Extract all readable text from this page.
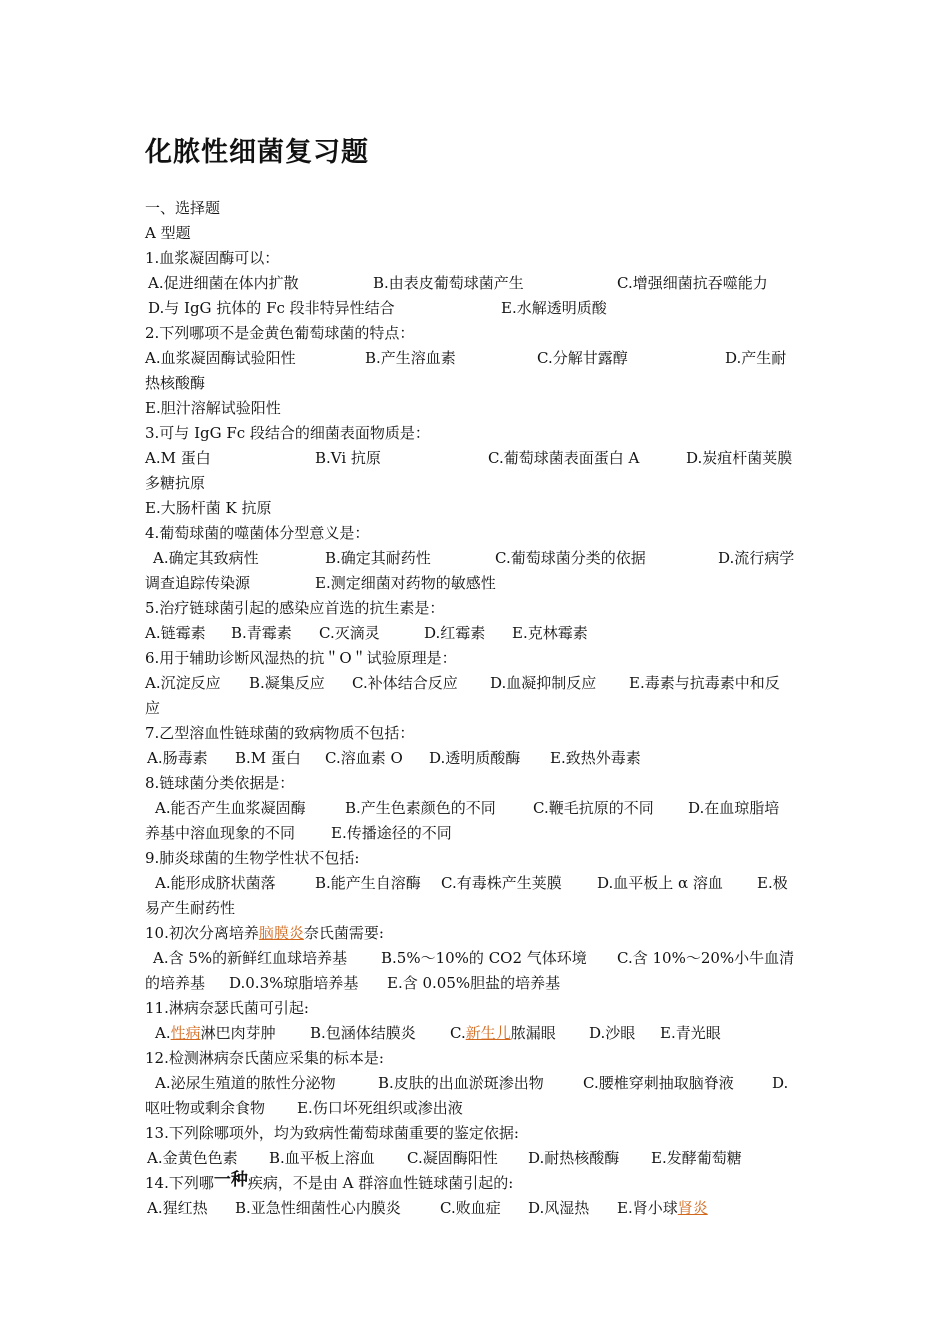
化脓性细菌复习题
一、选择题
A 型题
1.血浆凝固酶可以：
A.促进细菌在体内扩散	B.由表皮葡萄球菌产生	C.增强细菌抗吞噬能力
D.与 IgG 抗体的 Fc 段非特异性结合	E.水解透明质酸
2.下列哪项不是金黄色葡萄球菌的特点：
A.血浆凝固酶试验阳性	B.产生溶血素	C.分解甘露醇	D.产生耐
热核酸酶
E.胆汁溶解试验阳性
3.可与 IgG Fc 段结合的细菌表面物质是：
A.M 蛋白	B.Vi 抗原	C.葡萄球菌表面蛋白 A	D.炭疽杆菌荚膜
多糖抗原
E.大肠杆菌 K 抗原
4.葡萄球菌的噬菌体分型意义是：
A.确定其致病性	B.确定其耐药性	C.葡萄球菌分类的依据	D.流行病学
调查追踪传染源	E.测定细菌对药物的敏感性
5.治疗链球菌引起的感染应首选的抗生素是：
A.链霉素 B.青霉素 C.灭滴灵	D.红霉素 E.克林霉素
6.用于辅助诊断风湿热的抗＂O＂试验原理是：
A.沉淀反应 B.凝集反应 C.补体结合反应 D.血凝抑制反应 E.毒素与抗毒素中和反
应
7.乙型溶血性链球菌的致病物质不包括：
A.肠毒素 B.M 蛋白 C.溶血素 O D.透明质酸酶 E.致热外毒素
8.链球菌分类依据是：
A.能否产生血浆凝固酶	B.产生色素颜色的不同 C.鞭毛抗原的不同 D.在血琼脂培
养基中溶血现象的不同 E.传播途径的不同
9.肺炎球菌的生物学性状不包括:
A.能形成脐状菌落	B.能产生自溶酶 C.有毒株产生荚膜 D.血平板上 α 溶血 E.极
易产生耐药性
10.初次分离培养脑膜炎奈氏菌需要:
A.含 5%的新鲜红血球培养基 B.5%～10%的 CO2 气体环境 C.含 10%～20%小牛血清
的培养基 D.0.3%琼脂培养基 E.含 0.05%胆盐的培养基
11.淋病奈瑟氏菌可引起:
A.性病淋巴肉芽肿 B.包涵体结膜炎 C.新生儿脓漏眼 D.沙眼 E.青光眼
12.检测淋病奈氏菌应采集的标本是:
A.泌尿生殖道的脓性分泌物	B.皮肤的出血淤斑渗出物	C.腰椎穿刺抽取脑脊液	D.
呕吐物或剩余食物 E.伤口坏死组织或渗出液
13.下列除哪项外，均为致病性葡萄球菌重要的鉴定依据:
A.金黄色色素 B.血平板上溶血 C.凝固酶阳性 D.耐热核酸酶 E.发酵葡萄糖
14.下列哪一种疾病，不是由 A 群溶血性链球菌引起的:
A.猩红热 B.亚急性细菌性心内膜炎	C.败血症 D.风湿热 E.肾小球肾炎
